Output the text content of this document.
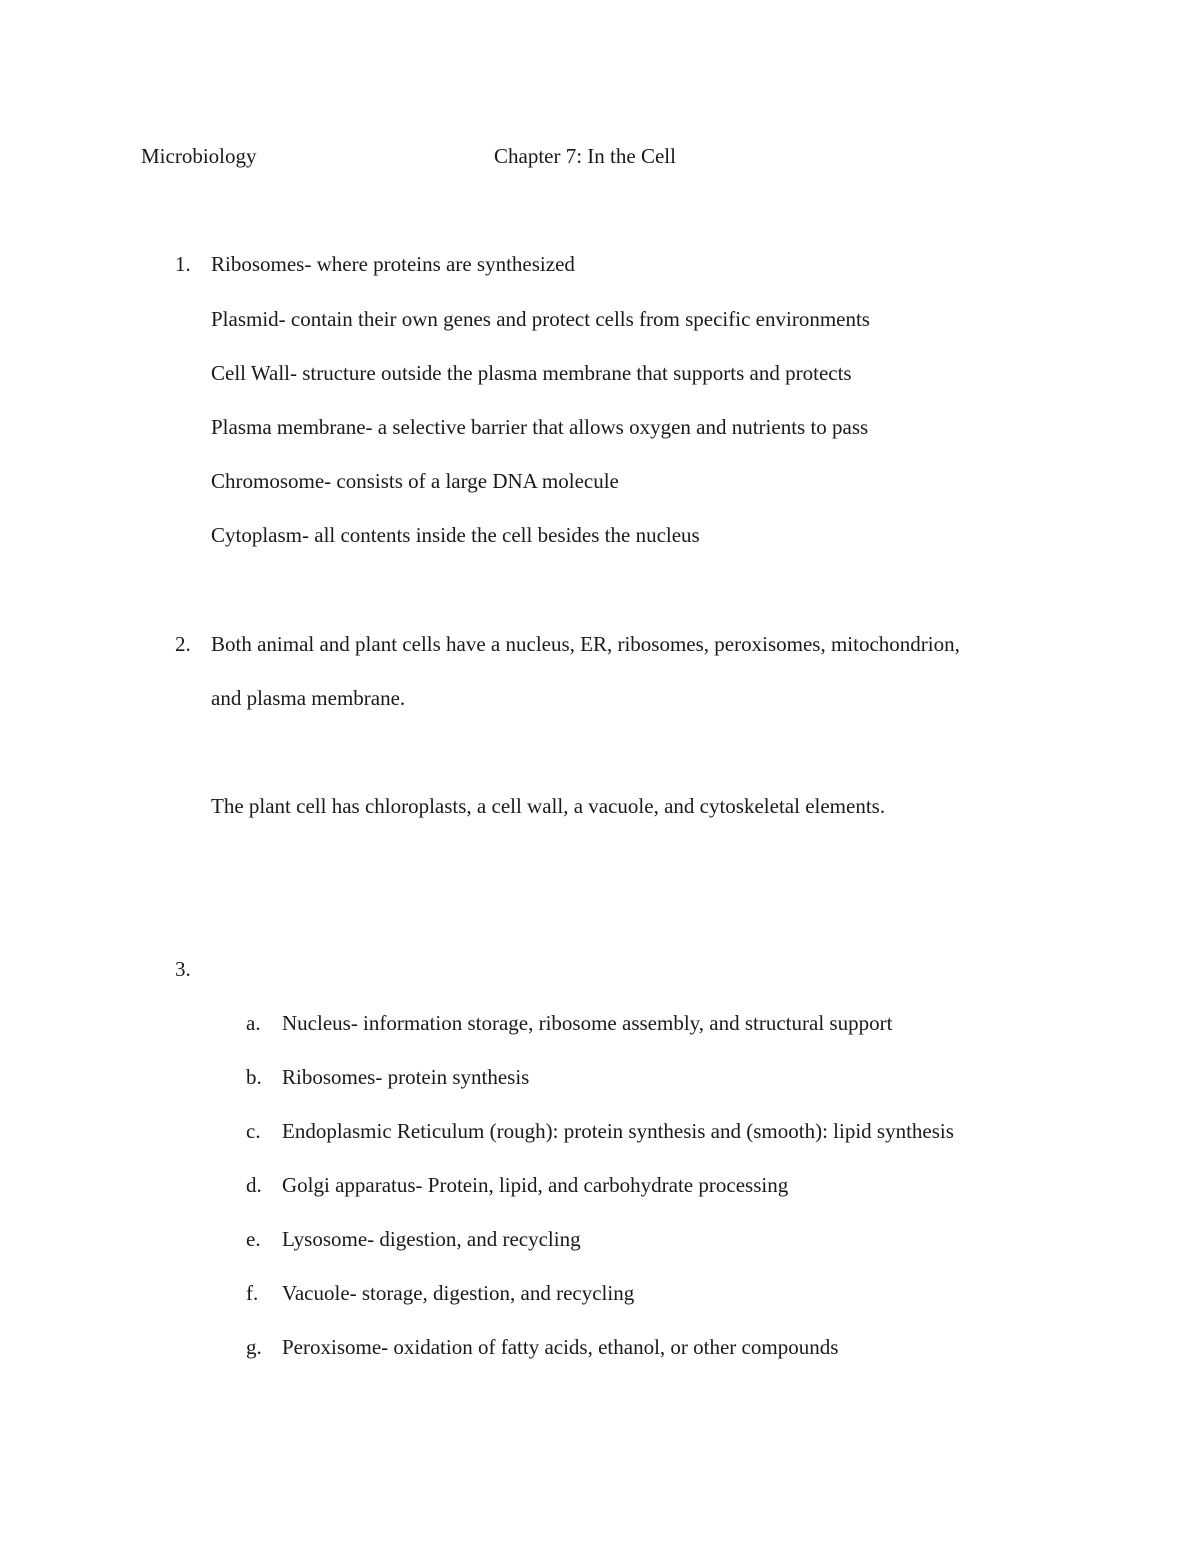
Microbiology	Chapter 7: In the Cell
1. Ribosomes- where proteins are synthesized
Plasmid- contain their own genes and protect cells from specific environments
Cell Wall- structure outside the plasma membrane that supports and protects
Plasma membrane- a selective barrier that allows oxygen and nutrients to pass
Chromosome- consists of a large DNA molecule
Cytoplasm- all contents inside the cell besides the nucleus
2. Both animal and plant cells have a nucleus, ER, ribosomes, peroxisomes, mitochondrion,
and plasma membrane.
The plant cell has chloroplasts, a cell wall, a vacuole, and cytoskeletal elements.
3.
a. Nucleus- information storage, ribosome assembly, and structural support
b. Ribosomes- protein synthesis
c. Endoplasmic Reticulum (rough): protein synthesis and (smooth): lipid synthesis
d. Golgi apparatus- Protein, lipid, and carbohydrate processing
e. Lysosome- digestion, and recycling
f. Vacuole- storage, digestion, and recycling
g. Peroxisome- oxidation of fatty acids, ethanol, or other compounds
